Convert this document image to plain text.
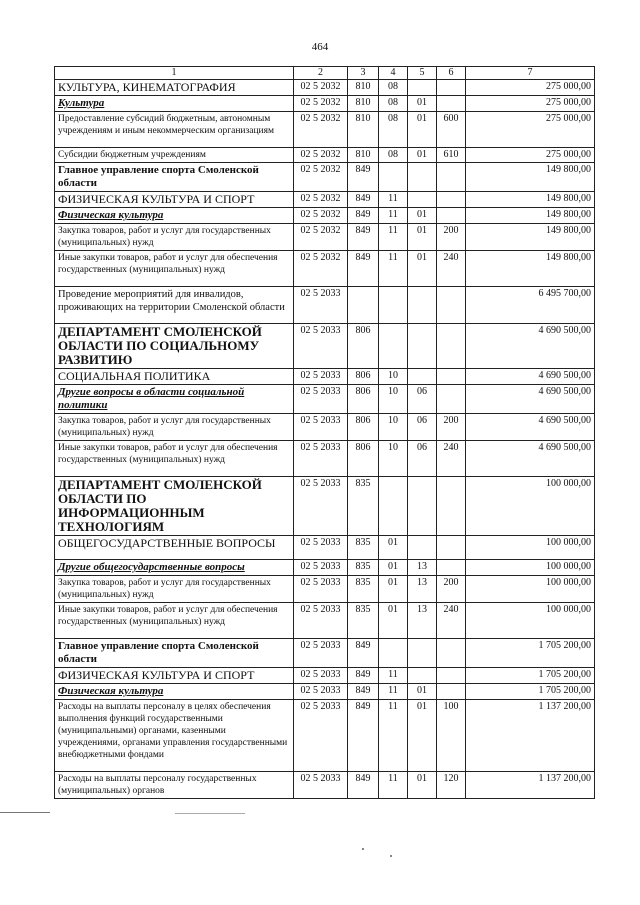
464
1	2	3	4	5	6	7
КУЛЬТУРА, КИНЕМАТОГРАФИЯ	02 5 2032	810	08			275 000,00
Культура	02 5 2032	810	08	01		275 000,00
Предоставление субсидий бюджетным, автономным учреждениям и иным некоммерческим организациям	02 5 2032	810	08	01	600	275 000,00
Субсидии бюджетным учреждениям	02 5 2032	810	08	01	610	275 000,00
Главное управление спорта Смоленской области	02 5 2032	849				149 800,00
ФИЗИЧЕСКАЯ КУЛЬТУРА И СПОРТ	02 5 2032	849	11			149 800,00
Физическая культура	02 5 2032	849	11	01		149 800,00
Закупка товаров, работ и услуг для государственных (муниципальных) нужд	02 5 2032	849	11	01	200	149 800,00
Иные закупки товаров, работ и услуг для обеспечения государственных (муниципальных) нужд	02 5 2032	849	11	01	240	149 800,00
Проведение мероприятий для инвалидов, проживающих на территории Смоленской области	02 5 2033					6 495 700,00
ДЕПАРТАМЕНТ СМОЛЕНСКОЙ ОБЛАСТИ ПО СОЦИАЛЬНОМУ РАЗВИТИЮ	02 5 2033	806				4 690 500,00
СОЦИАЛЬНАЯ ПОЛИТИКА	02 5 2033	806	10			4 690 500,00
Другие вопросы в области социальной политики	02 5 2033	806	10	06		4 690 500,00
Закупка товаров, работ и услуг для государственных (муниципальных) нужд	02 5 2033	806	10	06	200	4 690 500,00
Иные закупки товаров, работ и услуг для обеспечения государственных (муниципальных) нужд	02 5 2033	806	10	06	240	4 690 500,00
ДЕПАРТАМЕНТ СМОЛЕНСКОЙ ОБЛАСТИ ПО ИНФОРМАЦИОННЫМ ТЕХНОЛОГИЯМ	02 5 2033	835				100 000,00
ОБЩЕГОСУДАРСТВЕННЫЕ ВОПРОСЫ	02 5 2033	835	01			100 000,00
Другие общегосударственные вопросы	02 5 2033	835	01	13		100 000,00
Закупка товаров, работ и услуг для государственных (муниципальных) нужд	02 5 2033	835	01	13	200	100 000,00
Иные закупки товаров, работ и услуг для обеспечения государственных (муниципальных) нужд	02 5 2033	835	01	13	240	100 000,00
Главное управление спорта Смоленской области	02 5 2033	849				1 705 200,00
ФИЗИЧЕСКАЯ КУЛЬТУРА И СПОРТ	02 5 2033	849	11			1 705 200,00
Физическая культура	02 5 2033	849	11	01		1 705 200,00
Расходы на выплаты персоналу в целях обеспечения выполнения функций государственными (муниципальными) органами, казенными учреждениями, органами управления государственными внебюджетными фондами	02 5 2033	849	11	01	100	1 137 200,00
Расходы на выплаты персоналу государственных (муниципальных) органов	02 5 2033	849	11	01	120	1 137 200,00
